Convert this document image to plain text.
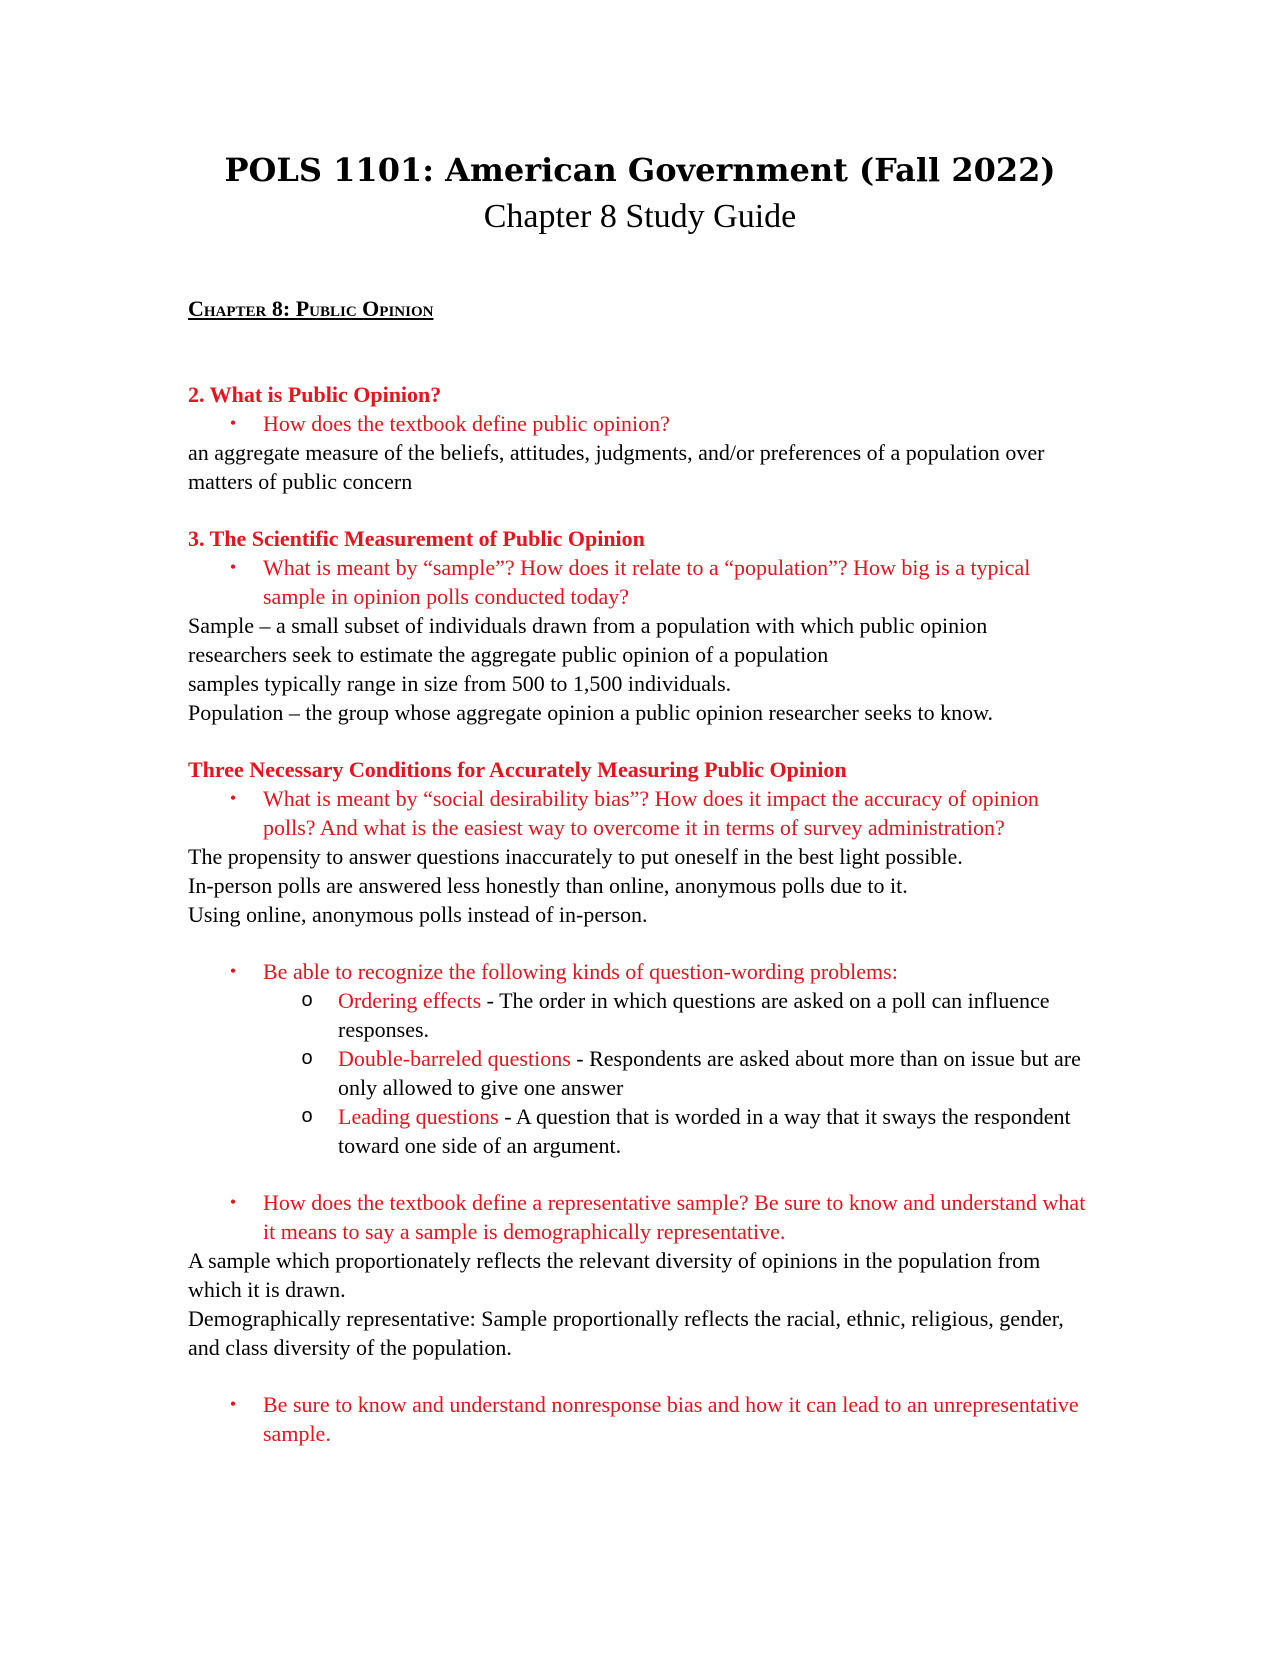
POLS 1101: American Government (Fall 2022)
Chapter 8 Study Guide
Chapter 8: Public Opinion
2. What is Public Opinion?
• How does the textbook define public opinion?

an aggregate measure of the beliefs, attitudes, judgments, and/or preferences of a population over matters of public concern

3. The Scientific Measurement of Public Opinion
• What is meant by “sample”? How does it relate to a “population”? How big is a typical sample in opinion polls conducted today?

Sample – a small subset of individuals drawn from a population with which public opinion researchers seek to estimate the aggregate public opinion of a population

samples typically range in size from 500 to 1,500 individuals.

Population – the group whose aggregate opinion a public opinion researcher seeks to know.

Three Necessary Conditions for Accurately Measuring Public Opinion
• What is meant by “social desirability bias”? How does it impact the accuracy of opinion polls? And what is the easiest way to overcome it in terms of survey administration?

The propensity to answer questions inaccurately to put oneself in the best light possible.

In-person polls are answered less honestly than online, anonymous polls due to it.

Using online, anonymous polls instead of in-person.

• Be able to recognize the following kinds of question-wording problems:
o Ordering effects - The order in which questions are asked on a poll can influence responses.
o Double-barreled questions - Respondents are asked about more than on issue but are only allowed to give one answer
o Leading questions - A question that is worded in a way that it sways the respondent toward one side of an argument.
• How does the textbook define a representative sample? Be sure to know and understand what it means to say a sample is demographically representative.

A sample which proportionately reflects the relevant diversity of opinions in the population from which it is drawn.

Demographically representative: Sample proportionally reflects the racial, ethnic, religious, gender, and class diversity of the population.

• Be sure to know and understand nonresponse bias and how it can lead to an unrepresentative sample.
